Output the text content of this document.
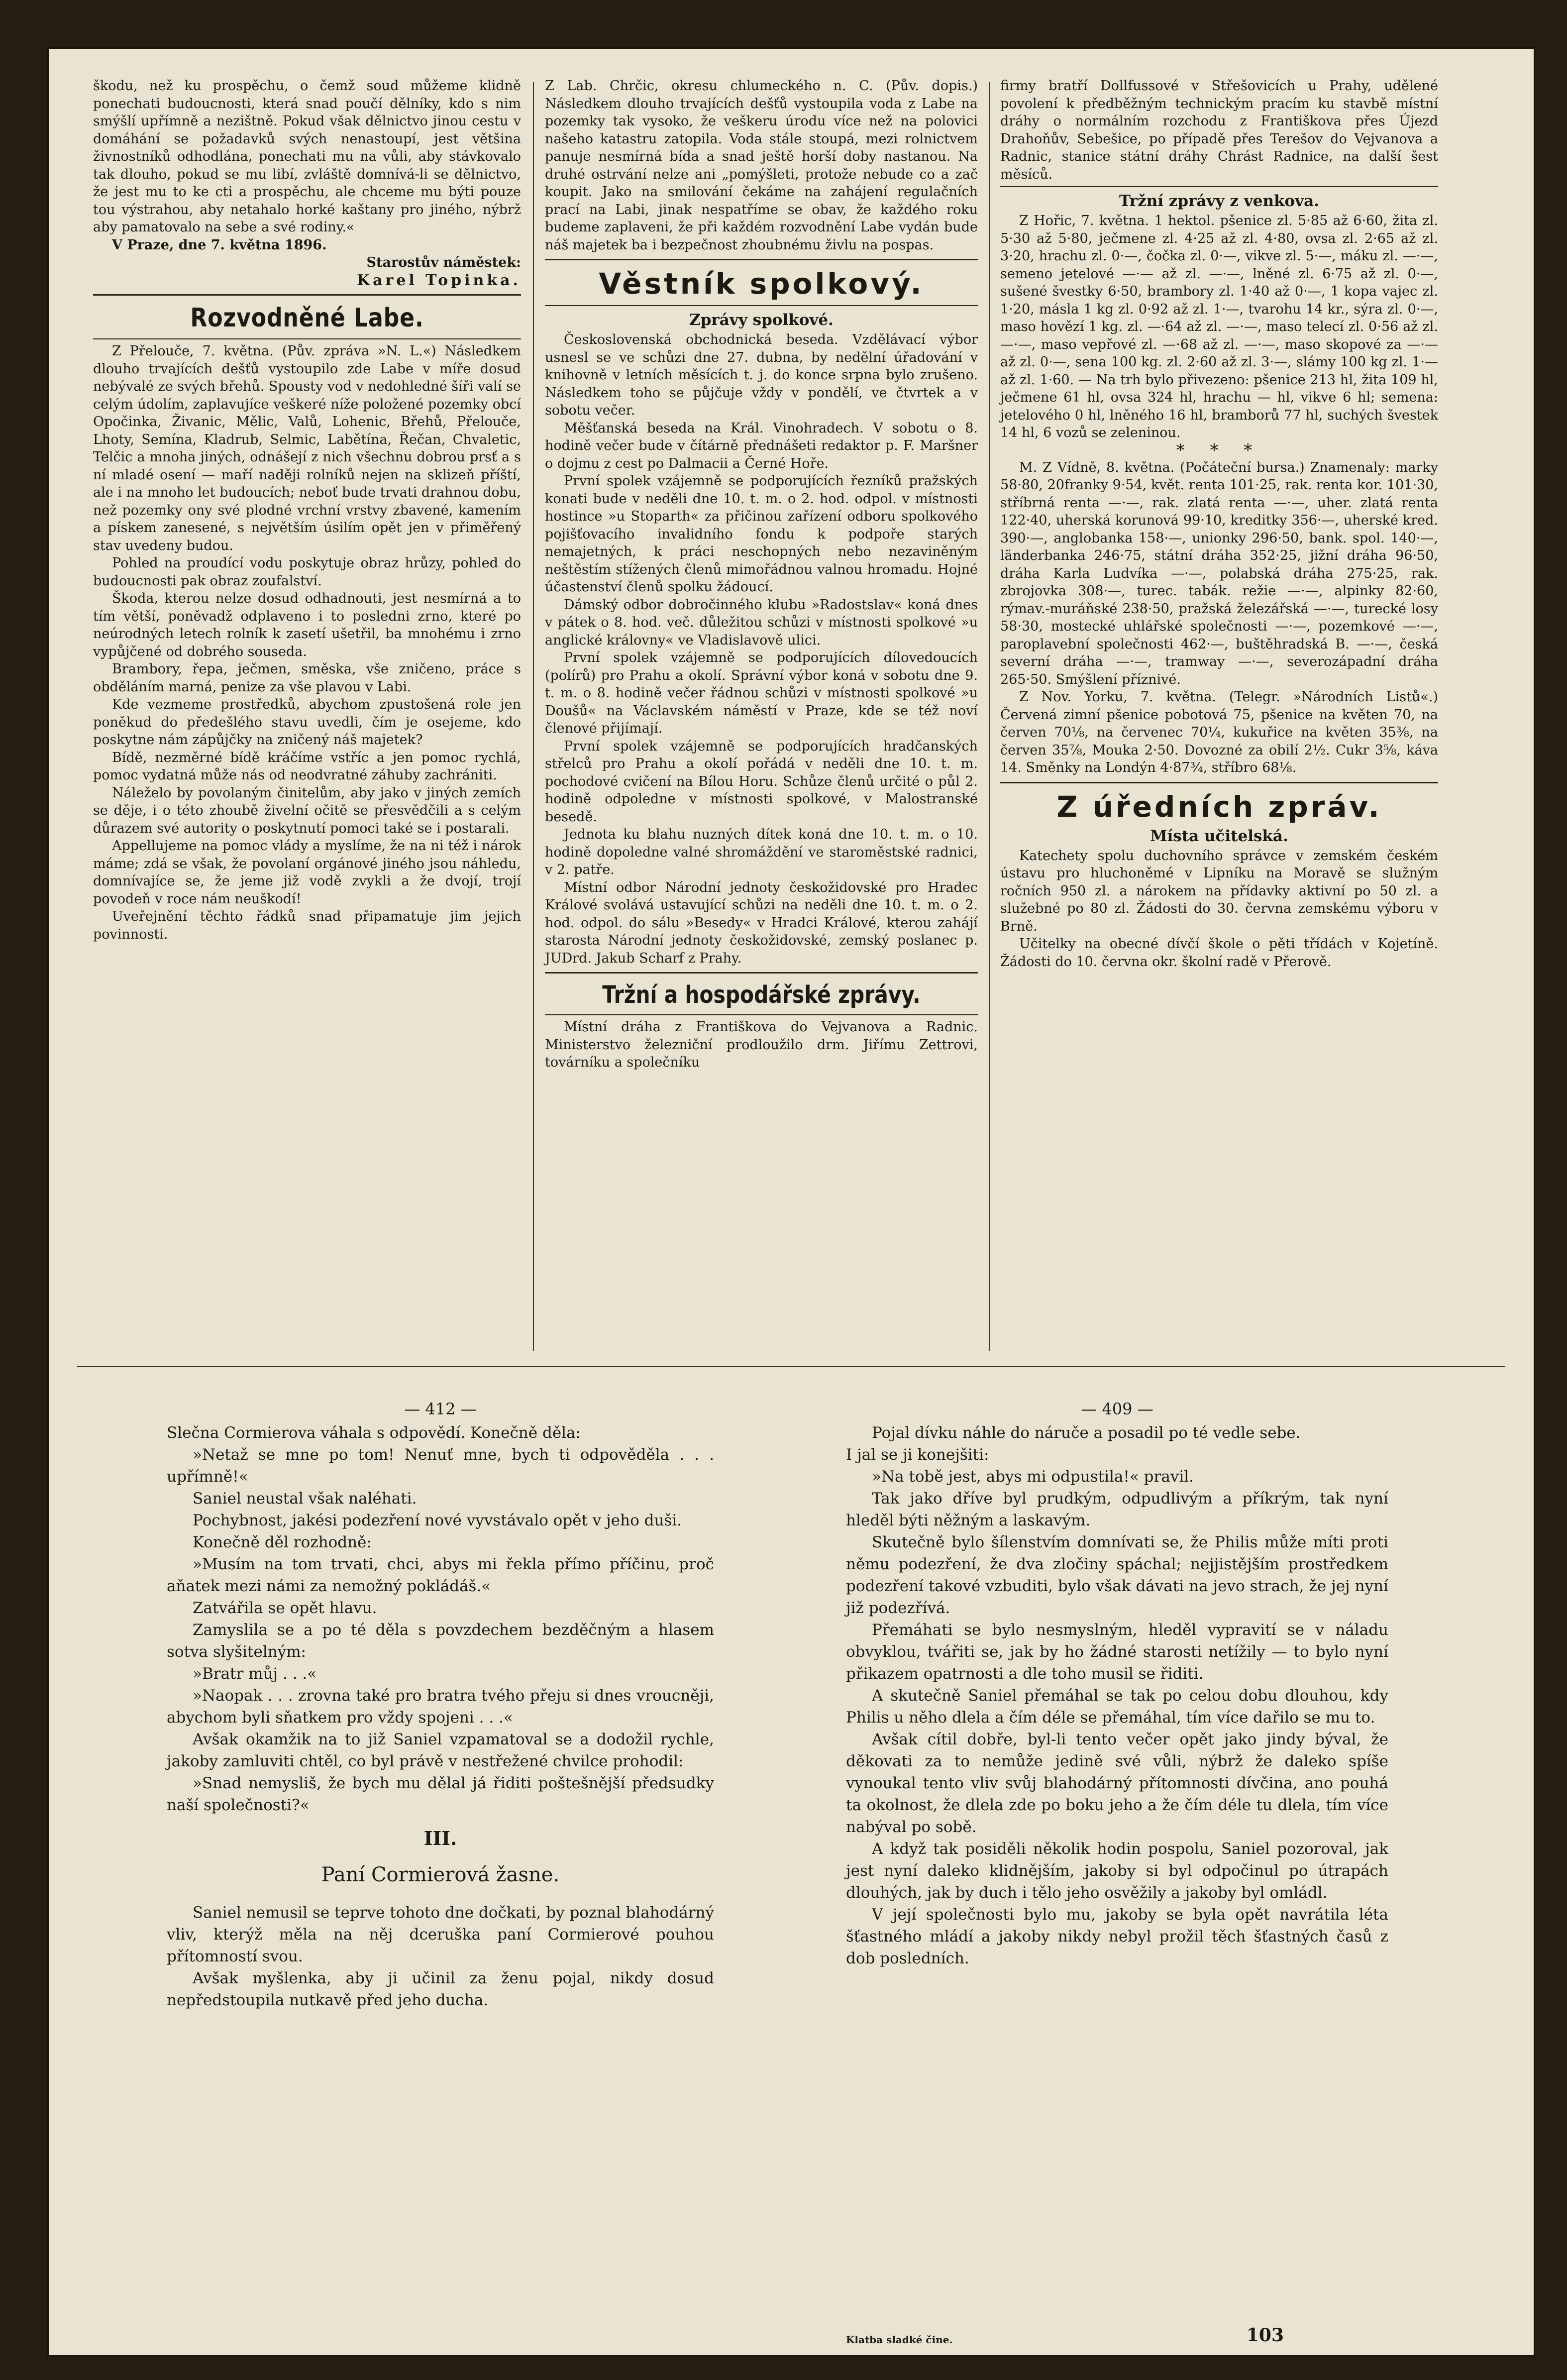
škodu, než ku prospěchu, o čemž soud můžeme klidně ponechati budoucnosti, která snad poučí dělníky, kdo s nim smýšlí upřímně a nezištně. Pokud však dělnictvo jinou cestu v domáhání se požadavků svých nenastoupí, jest většina živnostníků odhodlána, ponechati mu na vůli, aby stávkovalo tak dlouho, pokud se mu libí, zvláště domnívá-li se dělnictvo, že jest mu to ke cti a prospěchu, ale chceme mu býti pouze tou výstrahou, aby netahalo horké kaštany pro jiného, nýbrž aby pamatovalo na sebe a své rodiny.«

V Praze, dne 7. května 1896.

Starostův náměstek:
Karel Topinka.
Rozvodněné Labe.

Z Přelouče, 7. května. (Pův. zpráva »N. L.«) Následkem dlouho trvajících dešťů vystoupilo zde Labe v míře dosud nebývalé ze svých břehů. Spousty vod v nedohledné šíři valí se celým údolím, zaplavujíce veškeré níže položené pozemky obcí Opočinka, Živanic, Mělic, Valů, Lohenic, Břehů, Přelouče, Lhoty, Semína, Kladrub, Selmic, Labětína, Řečan, Chvaletic, Telčic a mnoha jiných, odnášejí z nich všechnu dobrou prsť a s ní mladé osení — maří naději rolníků nejen na sklizeň příští, ale i na mnoho let budoucích; neboť bude trvati drahnou dobu, než pozemky ony své plodné vrchní vrstvy zbavené, kamením a pískem zanesené, s největším úsilím opět jen v přiměřený stav uvedeny budou.

Pohled na proudící vodu poskytuje obraz hrůzy, pohled do budoucnosti pak obraz zoufalství.

Škoda, kterou nelze dosud odhadnouti, jest nesmírná a to tím větší, poněvadž odplaveno i to posledni zrno, které po neúrodných letech rolník k zasetí ušetřil, ba mnohému i zrno vypůjčené od dobrého souseda.

Brambory, řepa, ječmen, směska, vše zničeno, práce s obděláním marná, penize za vše plavou v Labi.

Kde vezmeme prostředků, abychom zpustošená role jen poněkud do předešlého stavu uvedli, čím je osejeme, kdo poskytne nám zápůjčky na zničený náš majetek?

Bídě, nezměrné bídě kráčíme vstříc a jen pomoc rychlá, pomoc vydatná může nás od neodvratné záhuby zachrániti.

Náleželo by povolaným činitelům, aby jako v jiných zemích se děje, i o této zhoubě živelní očitě se přesvědčili a s celým důrazem své autority o poskytnutí pomoci také se i postarali.

Appellujeme na pomoc vlády a myslíme, že na ni též i nárok máme; zdá se však, že povolaní orgánové jiného jsou náhledu, domnívajíce se, že jeme již vodě zvykli a že dvojí, trojí povodeň v roce nám neuškodí!

Uveřejnění těchto řádků snad připamatuje jim jejich povinnosti.

Z Lab. Chrčic, okresu chlumeckého n. C. (Pův. dopis.) Následkem dlouho trvajících dešťů vystoupila voda z Labe na pozemky tak vysoko, že veškeru úrodu více než na polovici našeho katastru zatopila. Voda stále stoupá, mezi rolnictvem panuje nesmírná bída a snad ještě horší doby nastanou. Na druhé ostrvání nelze ani „pomýšleti, protože nebude co a zač koupit. Jako na smilování čekáme na zahájení regulačních prací na Labi, jinak nespatříme se obav, že každého roku budeme zaplaveni, že při každém rozvodnění Labe vydán bude náš majetek ba i bezpečnost zhoubnému živlu na pospas.

Věstník spolkový.
Zprávy spolkové.

Československá obchodnická beseda. Vzdělávací výbor usnesl se ve schůzi dne 27. dubna, by nedělní úřadování v knihovně v letních měsících t. j. do konce srpna bylo zrušeno. Následkem toho se půjčuje vždy v pondělí, ve čtvrtek a v sobotu večer.

Měšťanská beseda na Král. Vinohradech. V sobotu o 8. hodině večer bude v čítárně přednášeti redaktor p. F. Maršner o dojmu z cest po Dalmacii a Černé Hoře.

První spolek vzájemně se podporujících řezníků pražských konati bude v neděli dne 10. t. m. o 2. hod. odpol. v místnosti hostince »u Stoparth« za přičinou zařízení odboru spolkového pojišťovacího invalidního fondu k podpoře starých nemajetných, k práci neschopných nebo nezaviněným neštěstím stížených členů mimořádnou valnou hromadu. Hojné účastenství členů spolku žádoucí.

Dámský odbor dobročinného klubu »Radostslav« koná dnes v pátek o 8. hod. več. důležitou schůzi v místnosti spolkové »u anglické královny« ve Vladislavově ulici.

První spolek vzájemně se podporujících dílovedoucích (polírů) pro Prahu a okolí. Správní výbor koná v sobotu dne 9. t. m. o 8. hodině večer řádnou schůzi v místnosti spolkové »u Doušů« na Václavském náměstí v Praze, kde se též noví členové přijímají.

První spolek vzájemně se podporujících hradčanských střelců pro Prahu a okolí pořádá v neděli dne 10. t. m. pochodové cvičení na Bílou Horu. Schůze členů určité o půl 2. hodině odpoledne v místnosti spolkové, v Malostranské besedě.

Jednota ku blahu nuzných dítek koná dne 10. t. m. o 10. hodině dopoledne valné shromáždění ve staroměstské radnici, v 2. patře.

Místní odbor Národní jednoty českožidovské pro Hradec Králové svolává ustavující schůzi na neděli dne 10. t. m. o 2. hod. odpol. do sálu »Besedy« v Hradci Králové, kterou zahájí starosta Národní jednoty českožidovské, zemský poslanec p. JUDrd. Jakub Scharf z Prahy.

Tržní a hospodářské zprávy.

Místní dráha z Františkova do Vejvanova a Radnic. Ministerstvo železniční prodloužilo drm. Jiřímu Zettrovi, továrníku a společníku

firmy bratří Dollfussové v Střešovicích u Prahy, udělené povolení k předběžným technickým pracím ku stavbě místní dráhy o normálním rozchodu z Františkova přes Újezd Drahoňův, Sebešice, po případě přes Terešov do Vejvanova a Radnic, stanice státní dráhy Chrást Radnice, na další šest měsíců.

Tržní zprávy z venkova.

Z Hořic, 7. května. 1 hektol. pšenice zl. 5·85 až 6·60, žita zl. 5·30 až 5·80, ječmene zl. 4·25 až zl. 4·80, ovsa zl. 2·65 až zl. 3·20, hrachu zl. 0·—, čočka zl. 0·—, vikve zl. 5·—, máku zl. —·—, semeno jetelové —·— až zl. —·—, lněné zl. 6·75 až zl. 0·—, sušené švestky 6·50, brambory zl. 1·40 až 0·—, 1 kopa vajec zl. 1·20, másla 1 kg zl. 0·92 až zl. 1·—, tvarohu 14 kr., sýra zl. 0·—, maso hovězí 1 kg. zl. —·64 až zl. —·—, maso telecí zl. 0·56 až zl. —·—, maso vepřové zl. —·68 až zl. —·—, maso skopové za —·— až zl. 0·—, sena 100 kg. zl. 2·60 až zl. 3·—, slámy 100 kg zl. 1·— až zl. 1·60. — Na trh bylo přivezeno: pšenice 213 hl, žita 109 hl, ječmene 61 hl, ovsa 324 hl, hrachu — hl, vikve 6 hl; semena: jetelového 0 hl, lněného 16 hl, bramborů 77 hl, suchých švestek 14 hl, 6 vozů se zeleninou.

* * *

M. Z Vídně, 8. května. (Počáteční bursa.) Znamenaly: marky 58·80, 20franky 9·54, květ. renta 101·25, rak. renta kor. 101·30, stříbrná renta —·—, rak. zlatá renta —·—, uher. zlatá renta 122·40, uherská korunová 99·10, kreditky 356·—, uherské kred. 390·—, anglobanka 158·—, unionky 296·50, bank. spol. 140·—, länderbanka 246·75, státní dráha 352·25, jižní dráha 96·50, dráha Karla Ludvíka —·—, polabská dráha 275·25, rak. zbrojovka 308·—, turec. tabák. režie —·—, alpinky 82·60, rýmav.-muráňské 238·50, pražská železářská —·—, turecké losy 58·30, mostecké uhlářské společnosti —·—, pozemkové —·—, paroplavební společnosti 462·—, buštěhradská B. —·—, česká severní dráha —·—, tramway —·—, severozápadní dráha 265·50. Smýšlení příznivé.

Z Nov. Yorku, 7. května. (Telegr. »Národních Listů«.) Červená zimní pšenice pobotová 75, pšenice na květen 70, na červen 70⅛, na červenec 70¼, kukuřice na květen 35⅜, na červen 35⅞, Mouka 2·50. Dovozné za obilí 2½. Cukr 3⅝, káva 14. Směnky na Londýn 4·87¾, stříbro 68⅛.

Z úředních zpráv.
Místa učitelská.

Katechety spolu duchovního správce v zemském českém ústavu pro hluchoněmé v Lipníku na Moravě se služným ročních 950 zl. a nárokem na přídavky aktivní po 50 zl. a služebné po 80 zl. Žádosti do 30. června zemskému výboru v Brně.

Učitelky na obecné dívčí škole o pěti třídách v Kojetíně. Žádosti do 10. června okr. školní radě v Přerově.

— 412 —

Slečna Cormierova váhala s odpovědí. Konečně děla:

»Netaž se mne po tom! Nenuť mne, bych ti odpověděla . . . upřímně!«

Saniel neustal však naléhati.

Pochybnost, jakési podezření nové vyvstávalo opět v jeho duši.

Konečně děl rozhodně:

»Musím na tom trvati, chci, abys mi řekla přímo příčinu, proč aňatek mezi námi za nemožný pokládáš.«

Zatvářila se opět hlavu.

Zamyslila se a po té děla s povzdechem bezděčným a hlasem sotva slyšitelným:

»Bratr můj . . .«

»Naopak . . . zrovna také pro bratra tvého přeju si dnes vroucněji, abychom byli sňatkem pro vždy spojeni . . .«

Avšak okamžik na to již Saniel vzpamatoval se a dodožil rychle, jakoby zamluviti chtěl, co byl právě v nestřežené chvilce prohodil:

»Snad nemysliš, že bych mu dělal já řiditi poštešnější předsudky naší společnosti?«

III.
Paní Cormierová žasne.

Saniel nemusil se teprve tohoto dne dočkati, by poznal blahodárný vliv, kterýž měla na něj dceruška paní Cormierové pouhou přítomností svou.

Avšak myšlenka, aby ji učinil za ženu pojal, nikdy dosud nepředstoupila nutkavě před jeho ducha.

— 409 —

Pojal dívku náhle do náruče a posadil po té vedle sebe.

I jal se ji konejšiti:

»Na tobě jest, abys mi odpustila!« pravil.

Tak jako dříve byl prudkým, odpudlivým a příkrým, tak nyní hleděl býti něžným a laskavým.

Skutečně bylo šílenstvím domnívati se, že Philis může míti proti němu podezření, že dva zločiny spáchal; nejjistějším prostředkem podezření takové vzbuditi, bylo však dávati na jevo strach, že jej nyní již podezřívá.

Přemáhati se bylo nesmyslným, hleděl vypravití se v náladu obvyklou, tvářiti se, jak by ho žádné starosti netížily — to bylo nyní přikazem opatrnosti a dle toho musil se řiditi.

A skutečně Saniel přemáhal se tak po celou dobu dlouhou, kdy Philis u něho dlela a čím déle se přemáhal, tím více dařilo se mu to.

Avšak cítil dobře, byl-li tento večer opět jako jindy býval, že děkovati za to nemůže jedině své vůli, nýbrž že daleko spíše vynoukal tento vliv svůj blahodárný přítomnosti dívčina, ano pouhá ta okolnost, že dlela zde po boku jeho a že čím déle tu dlela, tím více nabýval po sobě.

A když tak posiděli několik hodin pospolu, Saniel pozoroval, jak jest nyní daleko klidnějším, jakoby si byl odpočinul po útrapách dlouhých, jak by duch i tělo jeho osvěžily a jakoby byl omládl.

V její společnosti bylo mu, jakoby se byla opět navrátila léta šťastného mládí a jakoby nikdy nebyl prožil těch šťastných časů z dob posledních.

Klatba sladké čine.	103
